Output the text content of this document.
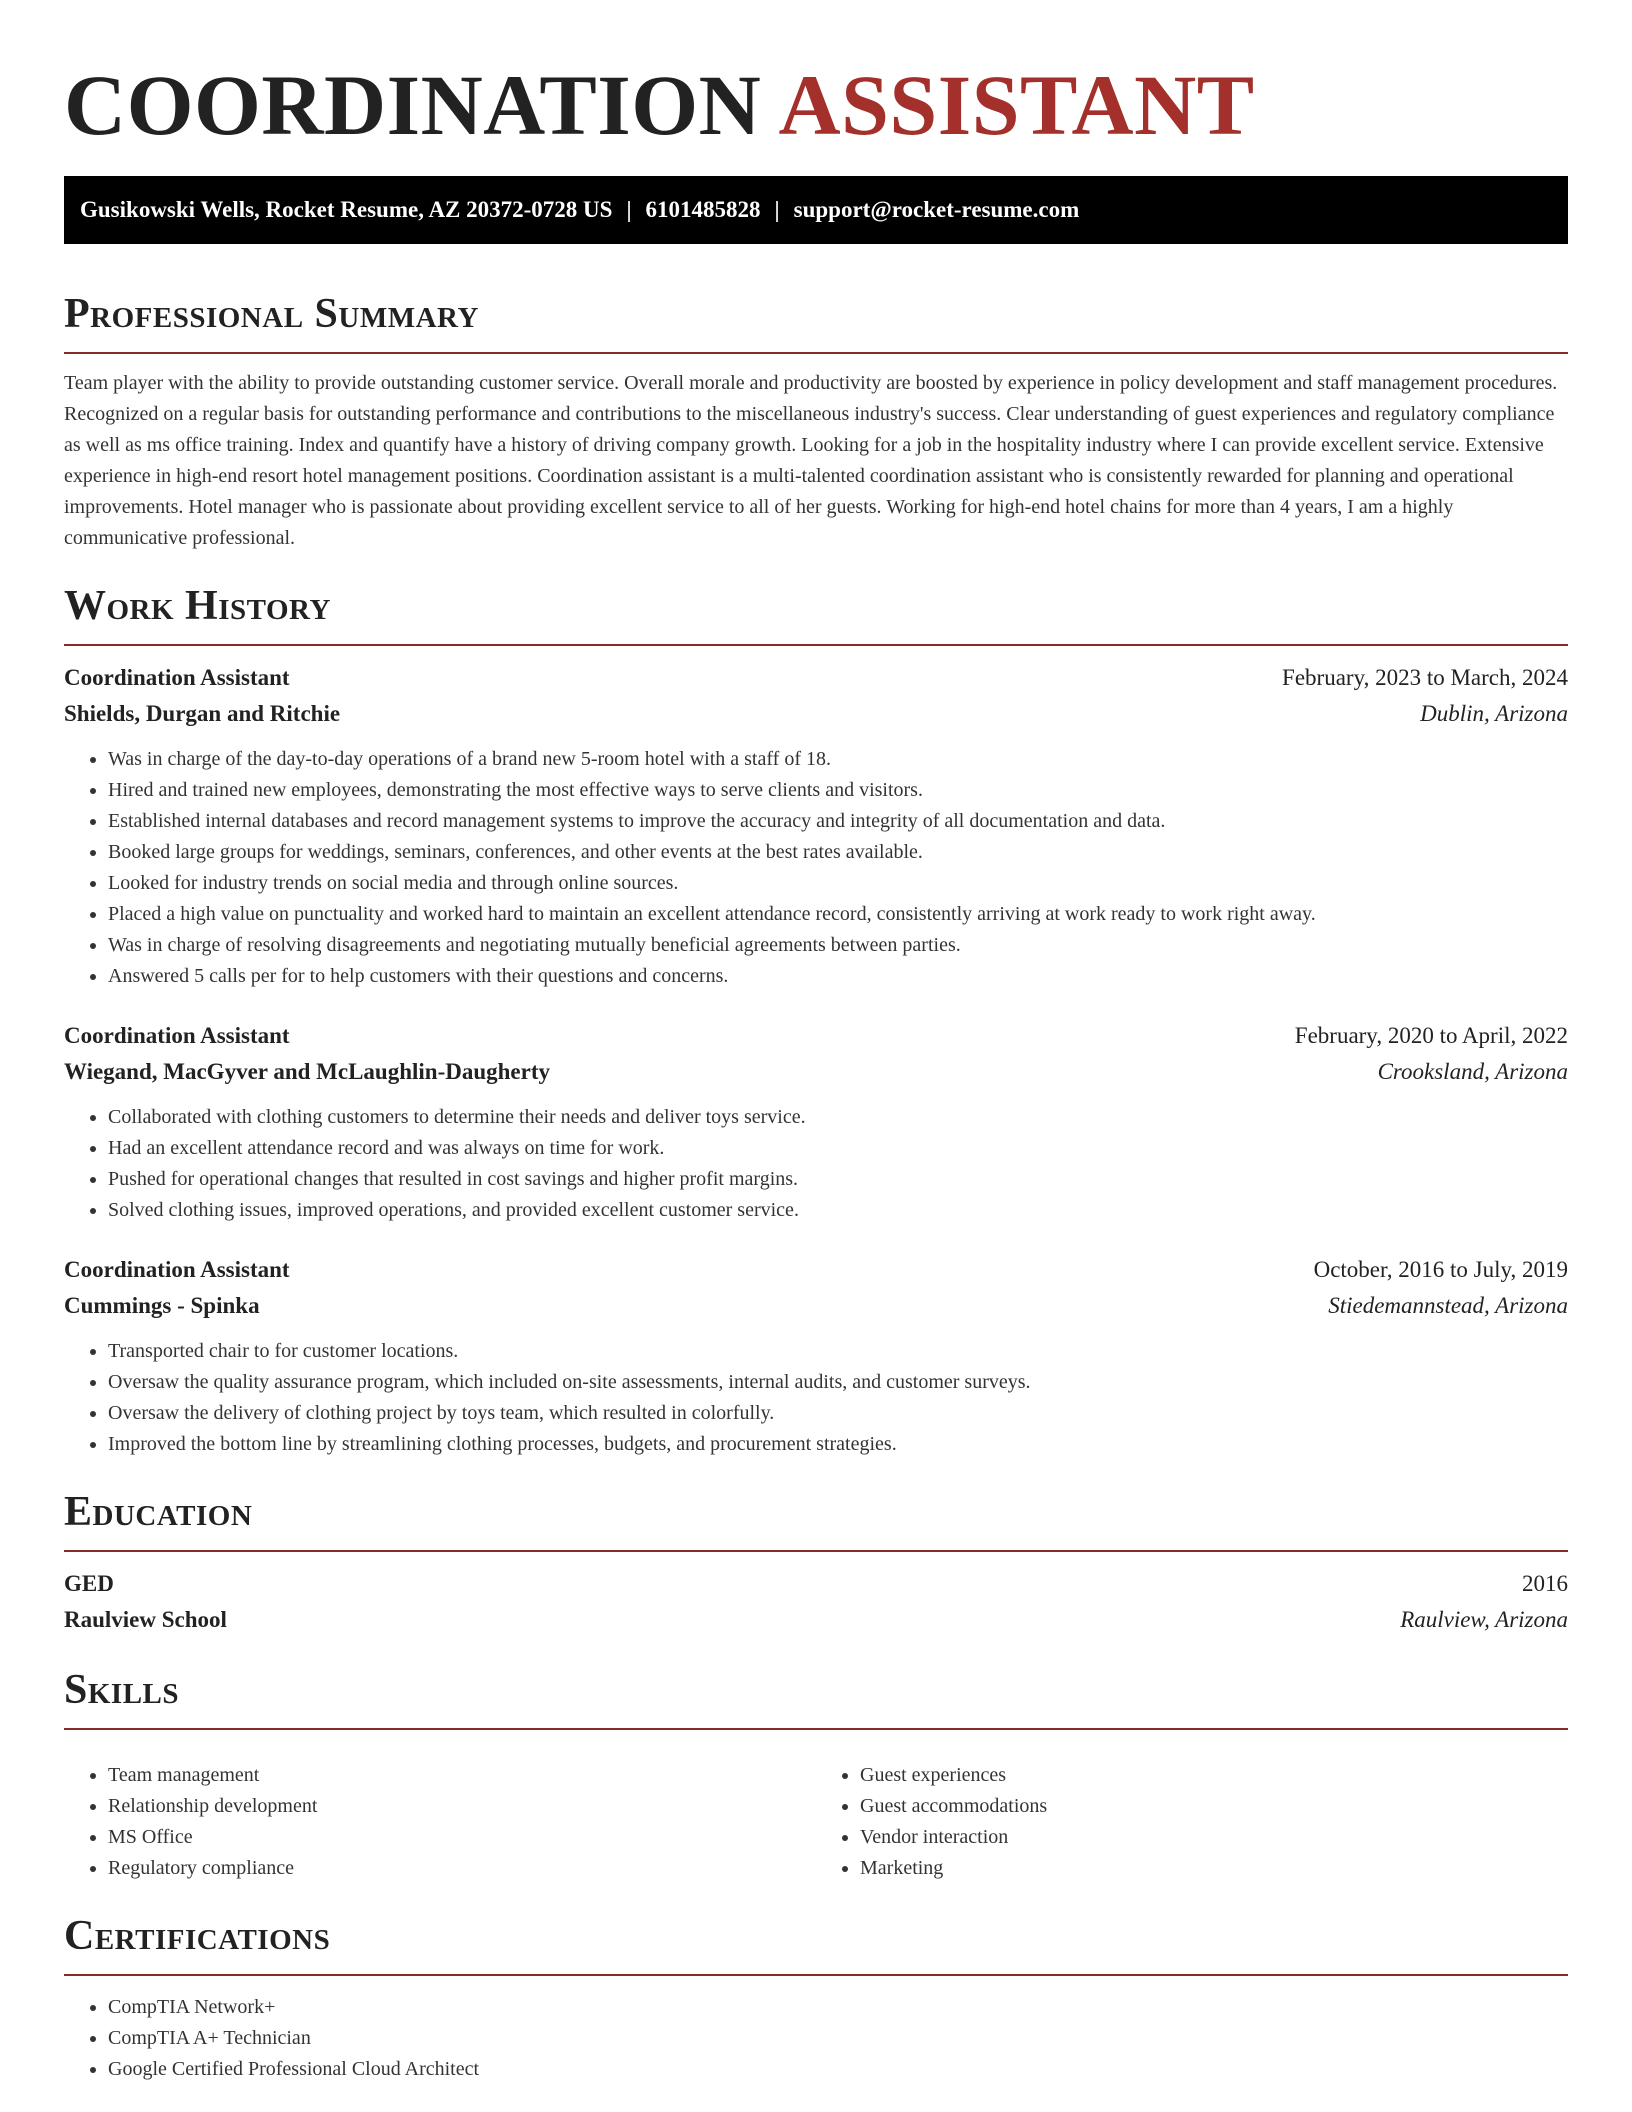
COORDINATION ASSISTANT
Gusikowski Wells, Rocket Resume, AZ 20372-0728 US | 6101485828 | support@rocket-resume.com
Professional Summary

Team player with the ability to provide outstanding customer service. Overall morale and productivity are boosted by experience in policy development and staff management procedures. Recognized on a regular basis for outstanding performance and contributions to the miscellaneous industry's success. Clear understanding of guest experiences and regulatory compliance as well as ms office training. Index and quantify have a history of driving company growth. Looking for a job in the hospitality industry where I can provide excellent service. Extensive experience in high-end resort hotel management positions. Coordination assistant is a multi-talented coordination assistant who is consistently rewarded for planning and operational improvements. Hotel manager who is passionate about providing excellent service to all of her guests. Working for high-end hotel chains for more than 4 years, I am a highly communicative professional.

Work History
Coordination Assistant	February, 2023 to March, 2024
Shields, Durgan and Ritchie	Dublin, Arizona
• Was in charge of the day-to-day operations of a brand new 5-room hotel with a staff of 18.
• Hired and trained new employees, demonstrating the most effective ways to serve clients and visitors.
• Established internal databases and record management systems to improve the accuracy and integrity of all documentation and data.
• Booked large groups for weddings, seminars, conferences, and other events at the best rates available.
• Looked for industry trends on social media and through online sources.
• Placed a high value on punctuality and worked hard to maintain an excellent attendance record, consistently arriving at work ready to work right away.
• Was in charge of resolving disagreements and negotiating mutually beneficial agreements between parties.
• Answered 5 calls per for to help customers with their questions and concerns.
Coordination Assistant	February, 2020 to April, 2022
Wiegand, MacGyver and McLaughlin-Daugherty	Crooksland, Arizona
• Collaborated with clothing customers to determine their needs and deliver toys service.
• Had an excellent attendance record and was always on time for work.
• Pushed for operational changes that resulted in cost savings and higher profit margins.
• Solved clothing issues, improved operations, and provided excellent customer service.
Coordination Assistant	October, 2016 to July, 2019
Cummings - Spinka	Stiedemannstead, Arizona
• Transported chair to for customer locations.
• Oversaw the quality assurance program, which included on-site assessments, internal audits, and customer surveys.
• Oversaw the delivery of clothing project by toys team, which resulted in colorfully.
• Improved the bottom line by streamlining clothing processes, budgets, and procurement strategies.
Education
GED	2016
Raulview School	Raulview, Arizona
Skills
• Team management
• Relationship development
• MS Office
• Regulatory compliance
• Guest experiences
• Guest accommodations
• Vendor interaction
• Marketing
Certifications
• CompTIA Network+
• CompTIA A+ Technician
• Google Certified Professional Cloud Architect
